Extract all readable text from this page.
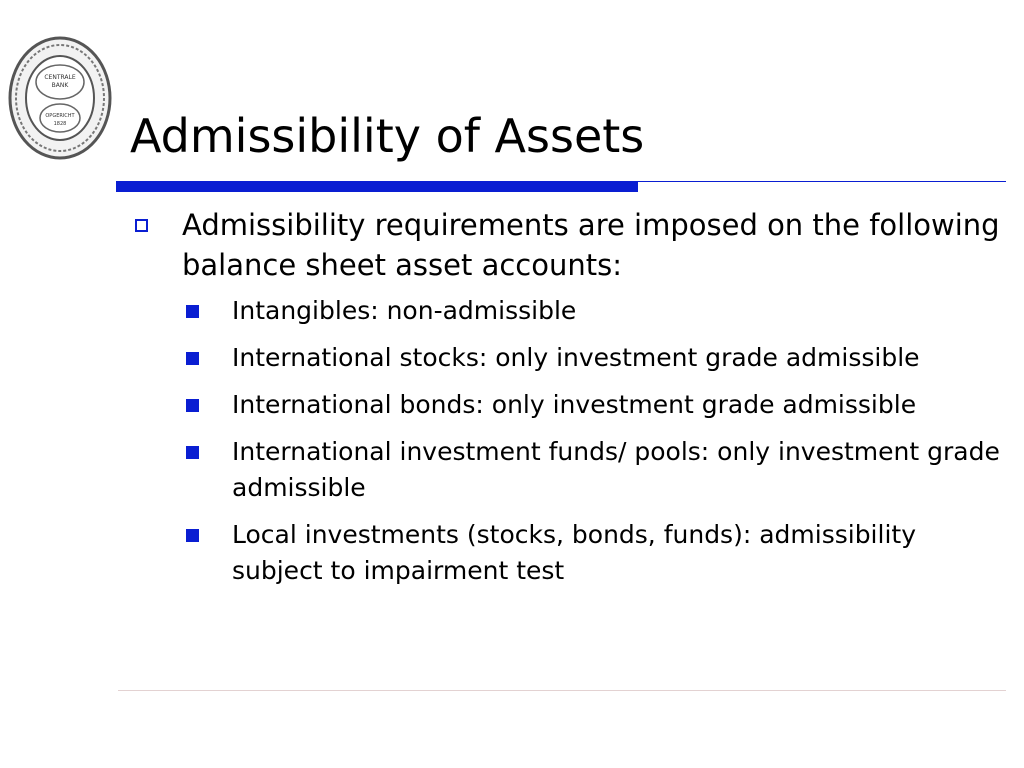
CENTRALE
BANK
OPGERICHT
1828 Admissibility of Assets
Admissibility requirements are imposed on the following balance sheet asset accounts:
Intangibles: non-admissible
International stocks: only investment grade admissible
International bonds: only investment grade admissible
International investment funds/ pools: only investment grade admissible
Local investments (stocks, bonds, funds): admissibility subject to impairment test
